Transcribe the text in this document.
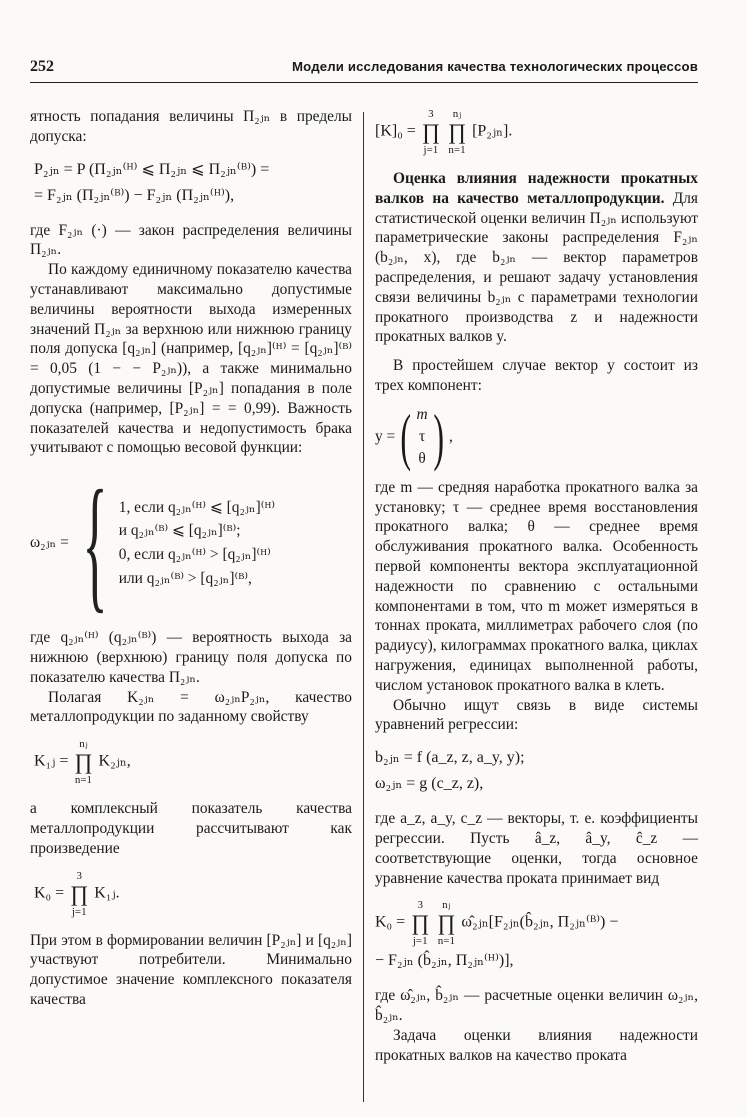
252	Модели исследования качества технологических процессов

ятность попадания величины П₂ⱼₙ в пределы допуска:

P₂ⱼₙ = P (П₂ⱼₙ⁽ᴴ⁾ ⩽ П₂ⱼₙ ⩽ П₂ⱼₙ⁽ᴮ⁾) =
= F₂ⱼₙ (П₂ⱼₙ⁽ᴮ⁾) − F₂ⱼₙ (П₂ⱼₙ⁽ᴴ⁾),

где F₂ⱼₙ (·) — закон распределения величины П₂ⱼₙ.

По каждому единичному показателю качества устанавливают максимально допустимые величины вероятности выхода измеренных значений П₂ⱼₙ за верхнюю или нижнюю границу поля допуска [q₂ⱼₙ] (например, [q₂ⱼₙ]⁽ᴴ⁾ = [q₂ⱼₙ]⁽ᴮ⁾ = 0,05 (1 − − P₂ⱼₙ)), а также минимально допустимые величины [P₂ⱼₙ] попадания в поле допуска (например, [P₂ⱼₙ] = = 0,99). Важность показателей качества и недопустимость брака учитывают с помощью весовой функции:

ω₂ⱼₙ = { 1, если q₂ⱼₙ⁽ᴴ⁾ ⩽ [q₂ⱼₙ]⁽ᴴ⁾
и q₂ⱼₙ⁽ᴮ⁾ ⩽ [q₂ⱼₙ]⁽ᴮ⁾;
0, если q₂ⱼₙ⁽ᴴ⁾ > [q₂ⱼₙ]⁽ᴴ⁾
или q₂ⱼₙ⁽ᴮ⁾ > [q₂ⱼₙ]⁽ᴮ⁾,

где q₂ⱼₙ⁽ᴴ⁾ (q₂ⱼₙ⁽ᴮ⁾) — вероятность выхода за нижнюю (верхнюю) границу поля допуска по показателю качества П₂ⱼₙ.

Полагая K₂ⱼₙ = ω₂ⱼₙP₂ⱼₙ, качество металлопродукции по заданному свойству

K₁ⱼ =
nⱼ
∏
n=1
K₂ⱼₙ,

а комплексный показатель качества металлопродукции рассчитывают как произведение

K₀ =
3
∏
j=1
K₁ⱼ.

При этом в формировании величин [P₂ⱼₙ] и [q₂ⱼₙ] участвуют потребители. Минимально допустимое значение комплексного показателя качества

[K]₀ =
3
∏
j=1

nⱼ
∏
n=1
[P₂ⱼₙ].

Оценка влияния надежности прокатных валков на качество металлопродукции. Для статистической оценки величин П₂ⱼₙ используют параметрические законы распределения F₂ⱼₙ (b₂ⱼₙ, x), где b₂ⱼₙ — вектор параметров распределения, и решают задачу установления связи величины b₂ⱼₙ с параметрами технологии прокатного производства z и надежности прокатных валков y.

В простейшем случае вектор y состоит из трех компонент:

y = ( m
τ
θ ) ,

где m — средняя наработка прокатного валка за установку; τ — среднее время восстановления прокатного валка; θ — среднее время обслуживания прокатного валка. Особенность первой компоненты вектора эксплуатационной надежности по сравнению с остальными компонентами в том, что m может измеряться в тоннах проката, миллиметрах рабочего слоя (по радиусу), килограммах прокатного валка, циклах нагружения, единицах выполненной работы, числом установок прокатного валка в клеть.

Обычно ищут связь в виде системы уравнений регрессии:

b₂ⱼₙ = f (a_z, z, a_y, y);
ω₂ⱼₙ = g (c_z, z),

где a_z, a_y, c_z — векторы, т. е. коэффициенты регрессии. Пусть â_z, â_y, ĉ_z — соответствующие оценки, тогда основное уравнение качества проката принимает вид

K₀ =
3
∏
j=1

nⱼ
∏
n=1
ω̂₂ⱼₙ[F₂ⱼₙ(b̂₂ⱼₙ, П₂ⱼₙ⁽ᴮ⁾) −
− F₂ⱼₙ (b̂₂ⱼₙ, П₂ⱼₙ⁽ᴴ⁾)],

где ω̂₂ⱼₙ, b̂₂ⱼₙ — расчетные оценки величин ω₂ⱼₙ, b̂₂ⱼₙ.

Задача оценки влияния надежности прокатных валков на качество проката
